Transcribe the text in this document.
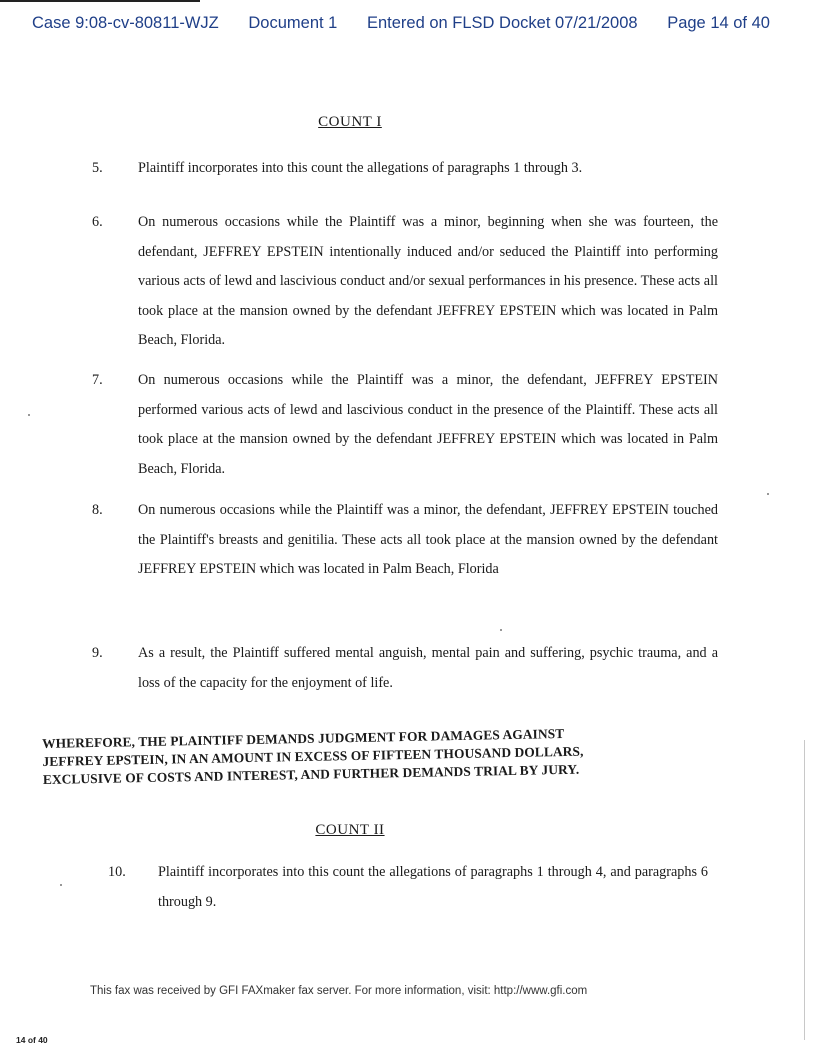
Case 9:08-cv-80811-WJZ Document 1 Entered on FLSD Docket 07/21/2008 Page 14 of 40
COUNT I
5. Plaintiff incorporates into this count the allegations of paragraphs 1 through 3.
6. On numerous occasions while the Plaintiff was a minor, beginning when she was fourteen, the defendant, JEFFREY EPSTEIN intentionally induced and/or seduced the Plaintiff into performing various acts of lewd and lascivious conduct and/or sexual performances in his presence. These acts all took place at the mansion owned by the defendant JEFFREY EPSTEIN which was located in Palm Beach, Florida.
7. On numerous occasions while the Plaintiff was a minor, the defendant, JEFFREY EPSTEIN performed various acts of lewd and lascivious conduct in the presence of the Plaintiff. These acts all took place at the mansion owned by the defendant JEFFREY EPSTEIN which was located in Palm Beach, Florida.
8. On numerous occasions while the Plaintiff was a minor, the defendant, JEFFREY EPSTEIN touched the Plaintiff's breasts and genitilia. These acts all took place at the mansion owned by the defendant JEFFREY EPSTEIN which was located in Palm Beach, Florida
9. As a result, the Plaintiff suffered mental anguish, mental pain and suffering, psychic trauma, and a loss of the capacity for the enjoyment of life.
WHEREFORE, THE PLAINTIFF DEMANDS JUDGMENT FOR DAMAGES AGAINST
JEFFREY EPSTEIN, IN AN AMOUNT IN EXCESS OF FIFTEEN THOUSAND DOLLARS,
EXCLUSIVE OF COSTS AND INTEREST, AND FURTHER DEMANDS TRIAL BY JURY.
COUNT II
10. Plaintiff incorporates into this count the allegations of paragraphs 1 through 4, and paragraphs 6 through 9.
This fax was received by GFI FAXmaker fax server. For more information, visit: http://www.gfi.com
14 of 40
